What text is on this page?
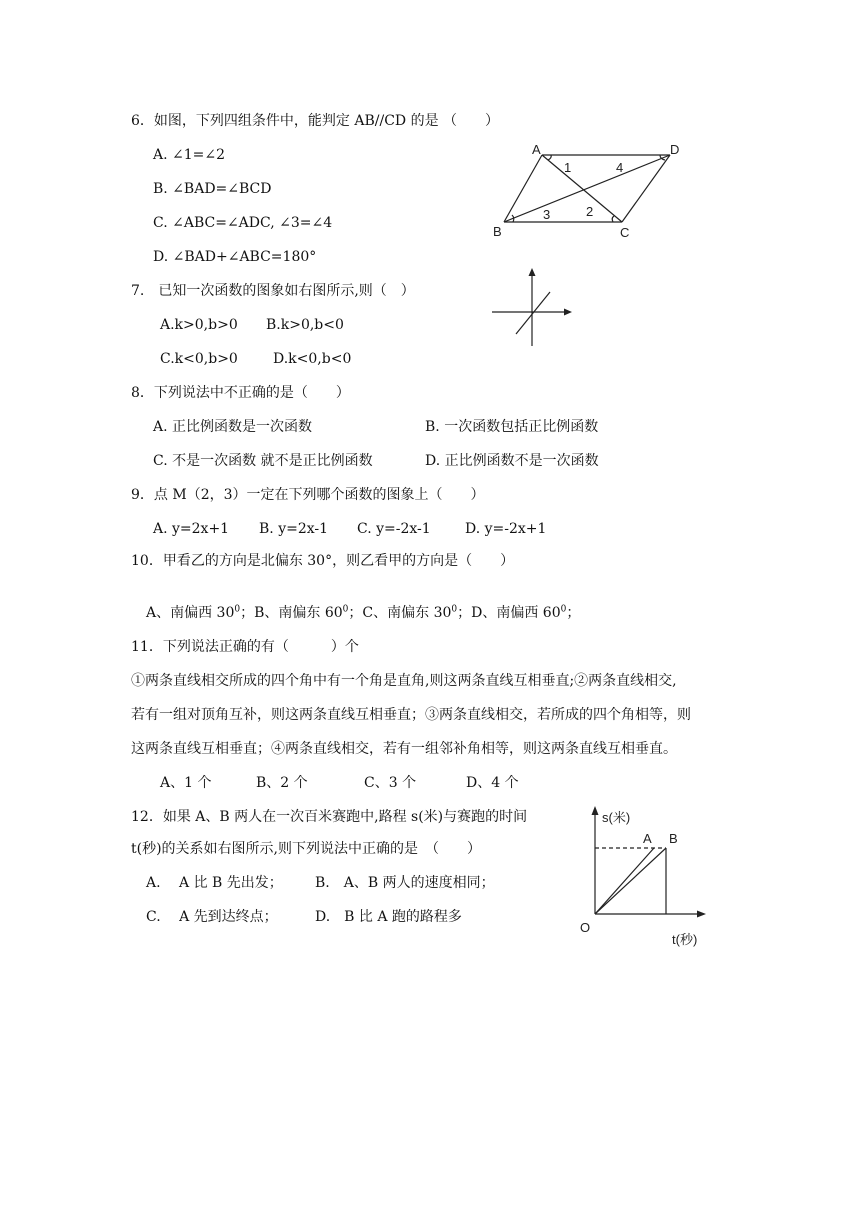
6．如图，下列四组条件中，能判定 AB//CD 的是 （　　）
A. ∠1=∠2
B. ∠BAD=∠BCD
C. ∠ABC=∠ADC, ∠3=∠4
D. ∠BAD+∠ABC=180°
A	D
B	C
1
2
3
4
7.　已知一次函数的图象如右图所示,则（　）
A.k>0,b>0 B.k>0,b<0
C.k<0,b>0	D.k<0,b<0
8．下列说法中不正确的是（　　）
A. 正比例函数是一次函数	B. 一次函数包括正比例函数
C. 不是一次函数 就不是正比例函数	D. 正比例函数不是一次函数
9．点 M（2，3）一定在下列哪个函数的图象上（　　）
A. y=2x+1 B. y=2x-1 C. y=-2x-1 D. y=-2x+1
10．甲看乙的方向是北偏东 30°，则乙看甲的方向是（　　）
A、南偏西 $30^0$；B、南偏东 $60^0$；C、南偏东 $30^0$；D、南偏西 $60^0$；
11．下列说法正确的有（　　　）个
①两条直线相交所成的四个角中有一个角是直角,则这两条直线互相垂直;②两条直线相交,
若有一组对顶角互补，则这两条直线互相垂直；③两条直线相交，若所成的四个角相等，则
这两条直线互相垂直；④两条直线相交，若有一组邻补角相等，则这两条直线互相垂直。
A、1 个	B、2 个	C、3 个	D、4 个
12．如果 A、B 两人在一次百米赛跑中,路程 s(米)与赛跑的时间
t(秒)的关系如右图所示,则下列说法中正确的是　（　　）
A.　 A 比 B 先出发； B.　A、B 两人的速度相同；
C.　 A 先到达终点；	D.　B 比 A 跑的路程多
s(米)
t(秒)
O
A B
